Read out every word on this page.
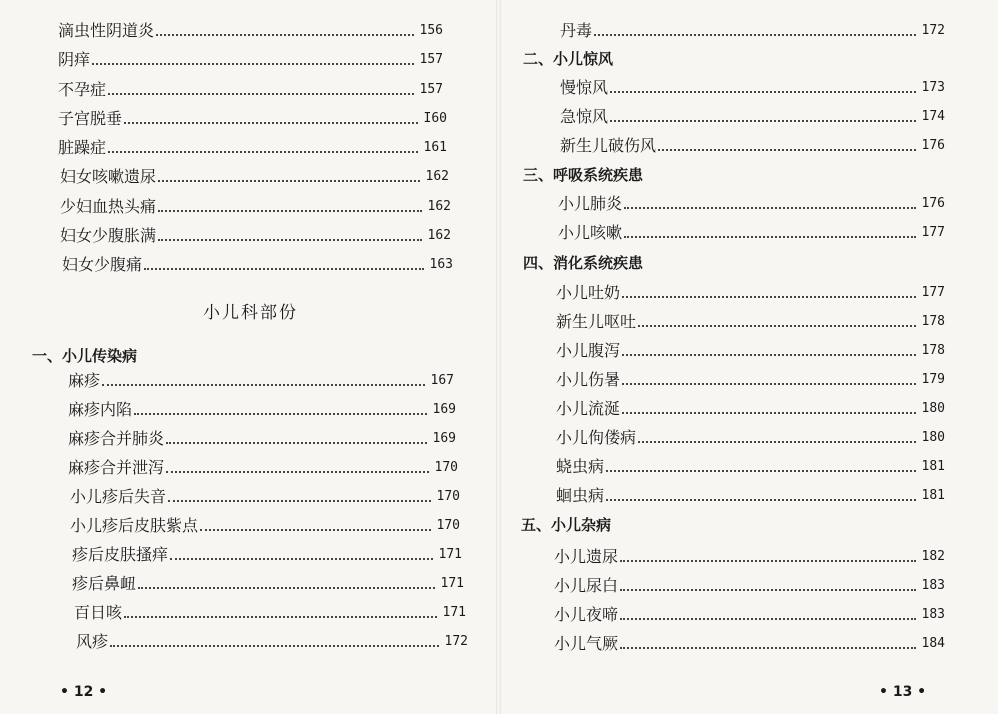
滴虫性阴道炎	156
阴痒	157
不孕症	157
子宫脱垂	I60
脏躁症	161
妇女咳嗽遗尿	162
少妇血热头痛	162
妇女少腹胀满	162
妇女少腹痛	163
小儿科部份
一、小儿传染病
麻疹	167
麻疹内陷	169
麻疹合并肺炎	169
麻疹合并泄泻	170
小儿疹后失音	170
小儿疹后皮肤紫点	170
疹后皮肤搔痒	171
疹后鼻衄	171
百日咳	171
风疹	172
• 12 •
丹毒	172
二、小儿惊风
慢惊风	173
急惊风	174
新生儿破伤风	176
三、呼吸系统疾患
小儿肺炎	176
小儿咳嗽	177
四、消化系统疾患
小儿吐奶	177
新生儿呕吐	178
小儿腹泻	178
小儿伤暑	179
小儿流涎	180
小儿佝偻病	180
蛲虫病	181
蛔虫病	181
五、小儿杂病
小儿遗尿	182
小儿尿白	183
小儿夜啼	183
小儿气厥	184
• 13 •
